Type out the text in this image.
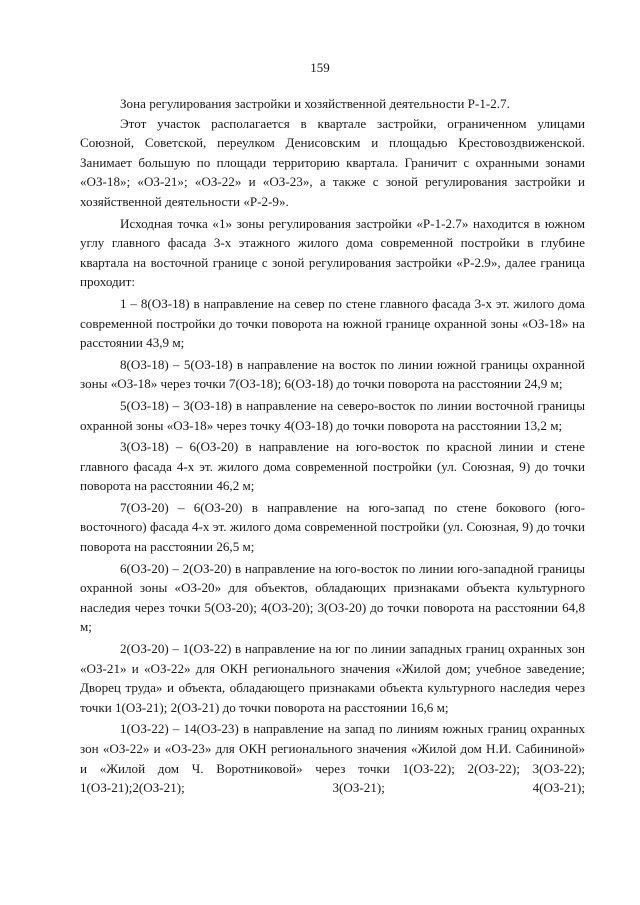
159

Зона регулирования застройки и хозяйственной деятельности Р-1-2.7.

Этот участок располагается в квартале застройки, ограниченном улицами Союзной, Советской, переулком Денисовским и площадью Крестовоздвиженской. Занимает большую по площади территорию квартала. Граничит с охранными зонами «ОЗ-18»; «ОЗ-21»; «ОЗ-22» и «ОЗ-23», а также с зоной регулирования застройки и хозяйственной деятельности «Р-2-9».

Исходная точка «1» зоны регулирования застройки «Р-1-2.7» находится в южном углу главного фасада 3-х этажного жилого дома современной постройки в глубине квартала на восточной границе с зоной регулирования застройки «Р-2.9», далее граница проходит:

1 – 8(ОЗ-18) в направление на север по стене главного фасада 3-х эт. жилого дома современной постройки до точки поворота на южной границе охранной зоны «ОЗ-18» на расстоянии 43,9 м;

8(ОЗ-18) – 5(ОЗ-18) в направление на восток по линии южной границы охранной зоны «ОЗ-18» через точки 7(ОЗ-18); 6(ОЗ-18) до точки поворота на расстоянии 24,9 м;

5(ОЗ-18) – 3(ОЗ-18) в направление на северо-восток по линии восточной границы охранной зоны «ОЗ-18» через точку 4(ОЗ-18) до точки поворота на расстоянии 13,2 м;

3(ОЗ-18) – 6(ОЗ-20) в направление на юго-восток по красной линии и стене главного фасада 4-х эт. жилого дома современной постройки (ул. Союзная, 9) до точки поворота на расстоянии 46,2 м;

7(ОЗ-20) – 6(ОЗ-20) в направление на юго-запад по стене бокового (юго-восточного) фасада 4-х эт. жилого дома современной постройки (ул. Союзная, 9) до точки поворота на расстоянии 26,5 м;

6(ОЗ-20) – 2(ОЗ-20) в направление на юго-восток по линии юго-западной границы охранной зоны «ОЗ-20» для объектов, обладающих признаками объекта культурного наследия через точки 5(ОЗ-20); 4(ОЗ-20); 3(ОЗ-20) до точки поворота на расстоянии 64,8 м;

2(ОЗ-20) – 1(ОЗ-22) в направление на юг по линии западных границ охранных зон «ОЗ-21» и «ОЗ-22» для ОКН регионального значения «Жилой дом; учебное заведение; Дворец труда» и объекта, обладающего признаками объекта культурного наследия через точки 1(ОЗ-21); 2(ОЗ-21) до точки поворота на расстоянии 16,6 м;

1(ОЗ-22) – 14(ОЗ-23) в направление на запад по линиям южных границ охранных зон «ОЗ-22» и «ОЗ-23» для ОКН регионального значения «Жилой дом Н.И. Сабининой» и «Жилой дом Ч. Воротниковой» через точки 1(ОЗ-22); 2(ОЗ-22); 3(ОЗ-22); 1(ОЗ-21);2(ОЗ-21); 3(ОЗ-21); 4(ОЗ-21);
